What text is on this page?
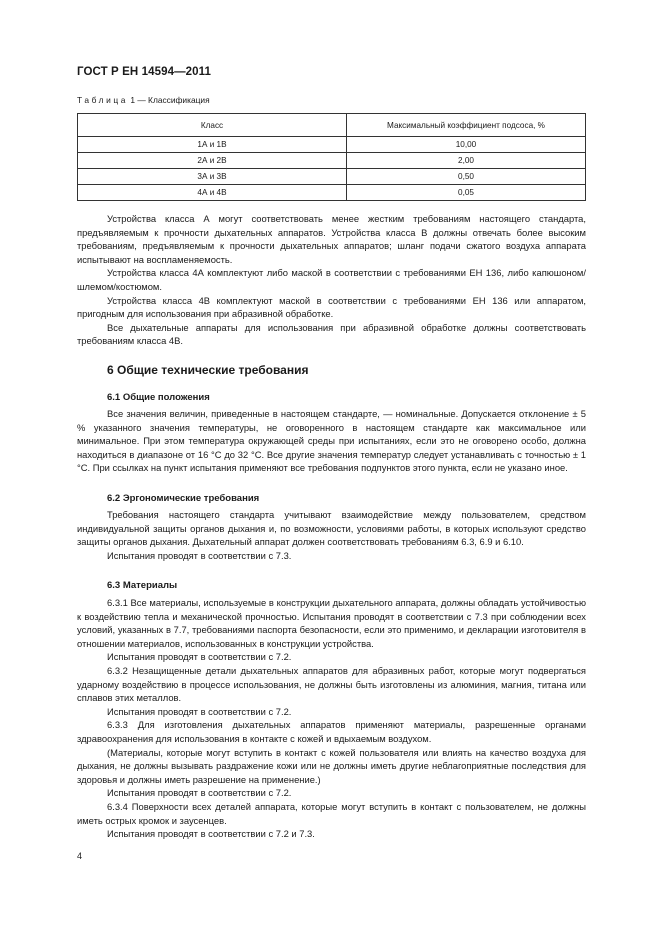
ГОСТ Р ЕН 14594—2011
Таблица 1 — Классификация
Класс	Максимальный коэффициент подсоса, %
1А и 1В	10,00
2А и 2В	2,00
3А и 3В	0,50
4А и 4В	0,05

Устройства класса А могут соответствовать менее жестким требованиям настоящего стандарта, предъявляемым к прочности дыхательных аппаратов. Устройства класса В должны отвечать более высоким требованиям, предъявляемым к прочности дыхательных аппаратов; шланг подачи сжатого воздуха аппарата испытывают на воспламеняемость.

Устройства класса 4А комплектуют либо маской в соответствии с требованиями ЕН 136, либо капюшоном/шлемом/костюмом.

Устройства класса 4В комплектуют маской в соответствии с требованиями ЕН 136 или аппаратом, пригодным для использования при абразивной обработке.

Все дыхательные аппараты для использования при абразивной обработке должны соответствовать требованиям класса 4В.

6 Общие технические требования
6.1 Общие положения

Все значения величин, приведенные в настоящем стандарте, — номинальные. Допускается отклонение ± 5 % указанного значения температуры, не оговоренного в настоящем стандарте как максимальное или минимальное. При этом температура окружающей среды при испытаниях, если это не оговорено особо, должна находиться в диапазоне от 16 °С до 32 °С. Все другие значения температур следует устанавливать с точностью ± 1 °С. При ссылках на пункт испытания применяют все требования подпунктов этого пункта, если не указано иное.

6.2 Эргономические требования

Требования настоящего стандарта учитывают взаимодействие между пользователем, средством индивидуальной защиты органов дыхания и, по возможности, условиями работы, в которых используют средство защиты органов дыхания. Дыхательный аппарат должен соответствовать требованиям 6.3, 6.9 и 6.10.

Испытания проводят в соответствии с 7.3.

6.3 Материалы

6.3.1 Все материалы, используемые в конструкции дыхательного аппарата, должны обладать устойчивостью к воздействию тепла и механической прочностью. Испытания проводят в соответствии с 7.3 при соблюдении всех условий, указанных в 7.7, требованиями паспорта безопасности, если это применимо, и декларации изготовителя в отношении материалов, использованных в конструкции устройства.

Испытания проводят в соответствии с 7.2.

6.3.2 Незащищенные детали дыхательных аппаратов для абразивных работ, которые могут подвергаться ударному воздействию в процессе использования, не должны быть изготовлены из алюминия, магния, титана или сплавов этих металлов.

Испытания проводят в соответствии с 7.2.

6.3.3 Для изготовления дыхательных аппаратов применяют материалы, разрешенные органами здравоохранения для использования в контакте с кожей и вдыхаемым воздухом.

(Материалы, которые могут вступить в контакт с кожей пользователя или влиять на качество воздуха для дыхания, не должны вызывать раздражение кожи или не должны иметь другие неблагоприятные последствия для здоровья и должны иметь разрешение на применение.)

Испытания проводят в соответствии с 7.2.

6.3.4 Поверхности всех деталей аппарата, которые могут вступить в контакт с пользователем, не должны иметь острых кромок и заусенцев.

Испытания проводят в соответствии с 7.2 и 7.3.

4
